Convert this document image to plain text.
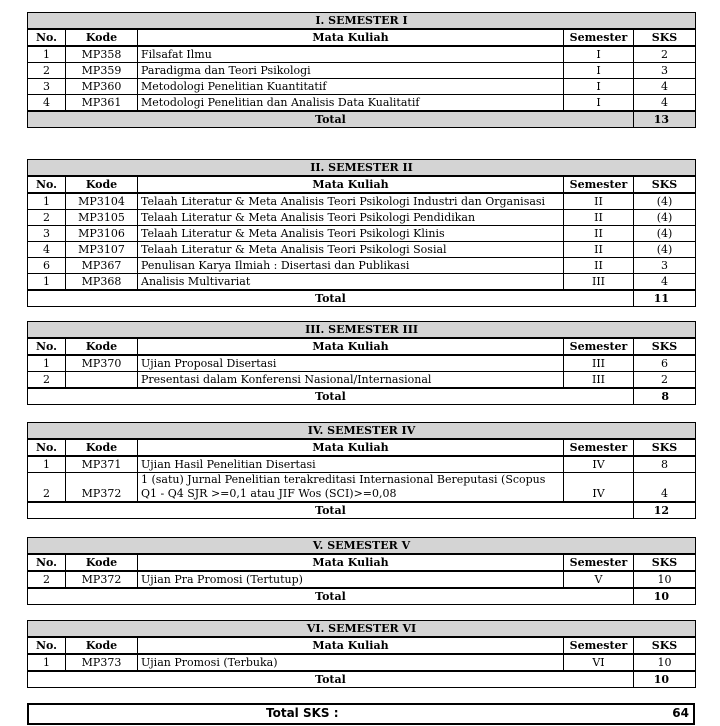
I. SEMESTER I				
No.	Kode	Mata Kuliah	Semester	SKS
1	MP358	Filsafat Ilmu	I	2
2	MP359	Paradigma dan Teori Psikologi	I	3
3	MP360	Metodologi Penelitian Kuantitatif	I	4
4	MP361	Metodologi Penelitian dan Analisis Data Kualitatif	I	4
Total				13
II. SEMESTER II				
No.	Kode	Mata Kuliah	Semester	SKS
1	MP3104	Telaah Literatur & Meta Analisis Teori Psikologi Industri dan Organisasi	II	(4)
2	MP3105	Telaah Literatur & Meta Analisis Teori Psikologi Pendidikan	II	(4)
3	MP3106	Telaah Literatur & Meta Analisis Teori Psikologi Klinis	II	(4)
4	MP3107	Telaah Literatur & Meta Analisis Teori Psikologi Sosial	II	(4)
6	MP367	Penulisan Karya Ilmiah : Disertasi dan Publikasi	II	3
1	MP368	Analisis Multivariat	III	4
Total				11
III. SEMESTER III				
No.	Kode	Mata Kuliah	Semester	SKS
1	MP370	Ujian Proposal Disertasi	III	6
2		Presentasi dalam Konferensi Nasional/Internasional	III	2
Total				8
IV. SEMESTER IV				
No.	Kode	Mata Kuliah	Semester	SKS
1	MP371	Ujian Hasil Penelitian Disertasi	IV	8
2	MP372	1 (satu) Jurnal Penelitian terakreditasi Internasional Bereputasi (Scopus Q1 - Q4 SJR >=0,1 atau JIF Wos (SCI)>=0,08	IV	4
Total				12
V. SEMESTER V				
No.	Kode	Mata Kuliah	Semester	SKS
2	MP372	Ujian Pra Promosi (Tertutup)	V	10
Total				10
VI. SEMESTER VI				
No.	Kode	Mata Kuliah	Semester	SKS
1	MP373	Ujian Promosi (Terbuka)	VI	10
Total				10
Total SKS :	64
